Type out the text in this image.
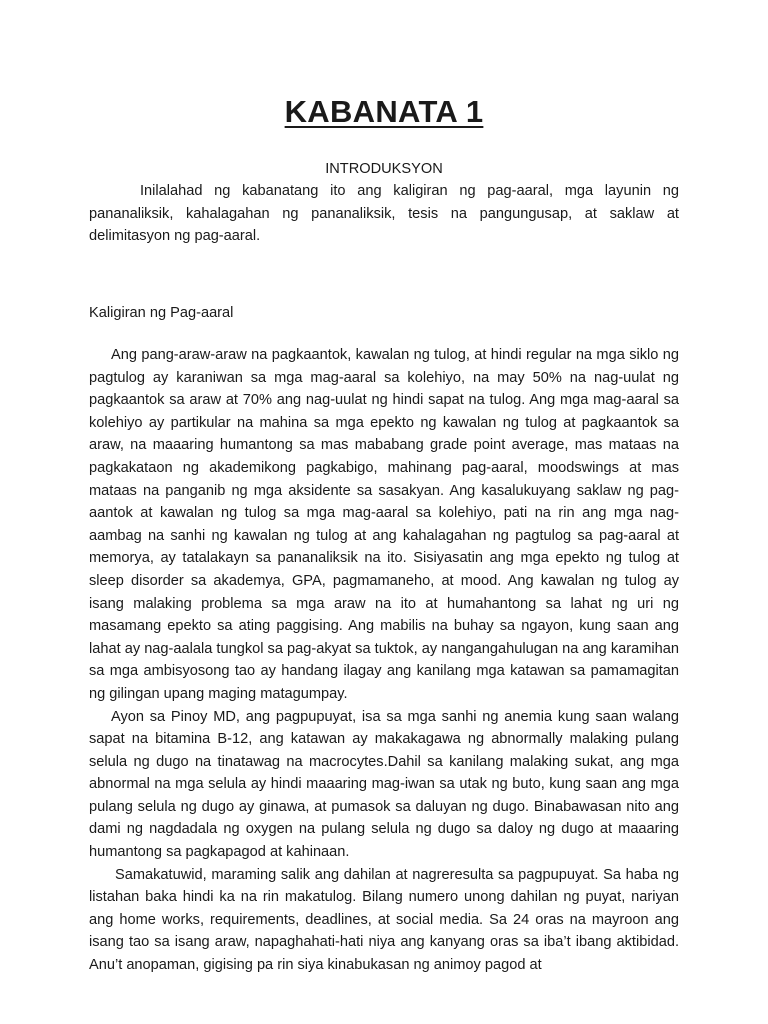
KABANATA 1

INTRODUKSYON

Inilalahad ng kabanatang ito ang kaligiran ng pag-aaral, mga layunin ng pananaliksik, kahalagahan ng pananaliksik, tesis na pangungusap, at saklaw at delimitasyon ng pag-aaral.

Kaligiran ng Pag-aaral

Ang pang-araw-araw na pagkaantok, kawalan ng tulog, at hindi regular na mga siklo ng pagtulog ay karaniwan sa mga mag-aaral sa kolehiyo, na may 50% na nag-uulat ng pagkaantok sa araw at 70% ang nag-uulat ng hindi sapat na tulog. Ang mga mag-aaral sa kolehiyo ay partikular na mahina sa mga epekto ng kawalan ng tulog at pagkaantok sa araw, na maaaring humantong sa mas mababang grade point average, mas mataas na pagkakataon ng akademikong pagkabigo, mahinang pag-aaral, moodswings at mas mataas na panganib ng mga aksidente sa sasakyan. Ang kasalukuyang saklaw ng pag-aantok at kawalan ng tulog sa mga mag-aaral sa kolehiyo, pati na rin ang mga nag-aambag na sanhi ng kawalan ng tulog at ang kahalagahan ng pagtulog sa pag-aaral at memorya, ay tatalakayn sa pananaliksik na ito. Sisiyasatin ang mga epekto ng tulog at sleep disorder sa akademya, GPA, pagmamaneho, at mood. Ang kawalan ng tulog ay isang malaking problema sa mga araw na ito at humahantong sa lahat ng uri ng masamang epekto sa ating paggising. Ang mabilis na buhay sa ngayon, kung saan ang lahat ay nag-aalala tungkol sa pag-akyat sa tuktok, ay nangangahulugan na ang karamihan sa mga ambisyosong tao ay handang ilagay ang kanilang mga katawan sa pamamagitan ng gilingan upang maging matagumpay.

Ayon sa Pinoy MD, ang pagpupuyat, isa sa mga sanhi ng anemia kung saan walang sapat na bitamina B-12, ang katawan ay makakagawa ng abnormally malaking pulang selula ng dugo na tinatawag na macrocytes.Dahil sa kanilang malaking sukat, ang mga abnormal na mga selula ay hindi maaaring mag-iwan sa utak ng buto, kung saan ang mga pulang selula ng dugo ay ginawa, at pumasok sa daluyan ng dugo. Binabawasan nito ang dami ng nagdadala ng oxygen na pulang selula ng dugo sa daloy ng dugo at maaaring humantong sa pagkapagod at kahinaan.

Samakatuwid, maraming salik ang dahilan at nagreresulta sa pagpupuyat. Sa haba ng listahan baka hindi ka na rin makatulog. Bilang numero unong dahilan ng puyat, nariyan ang home works, requirements, deadlines, at social media. Sa 24 oras na mayroon ang isang tao sa isang araw, napaghahati-hati niya ang kanyang oras sa iba’t ibang aktibidad. Anu’t anopaman, gigising pa rin siya kinabukasan ng animoy pagod at
